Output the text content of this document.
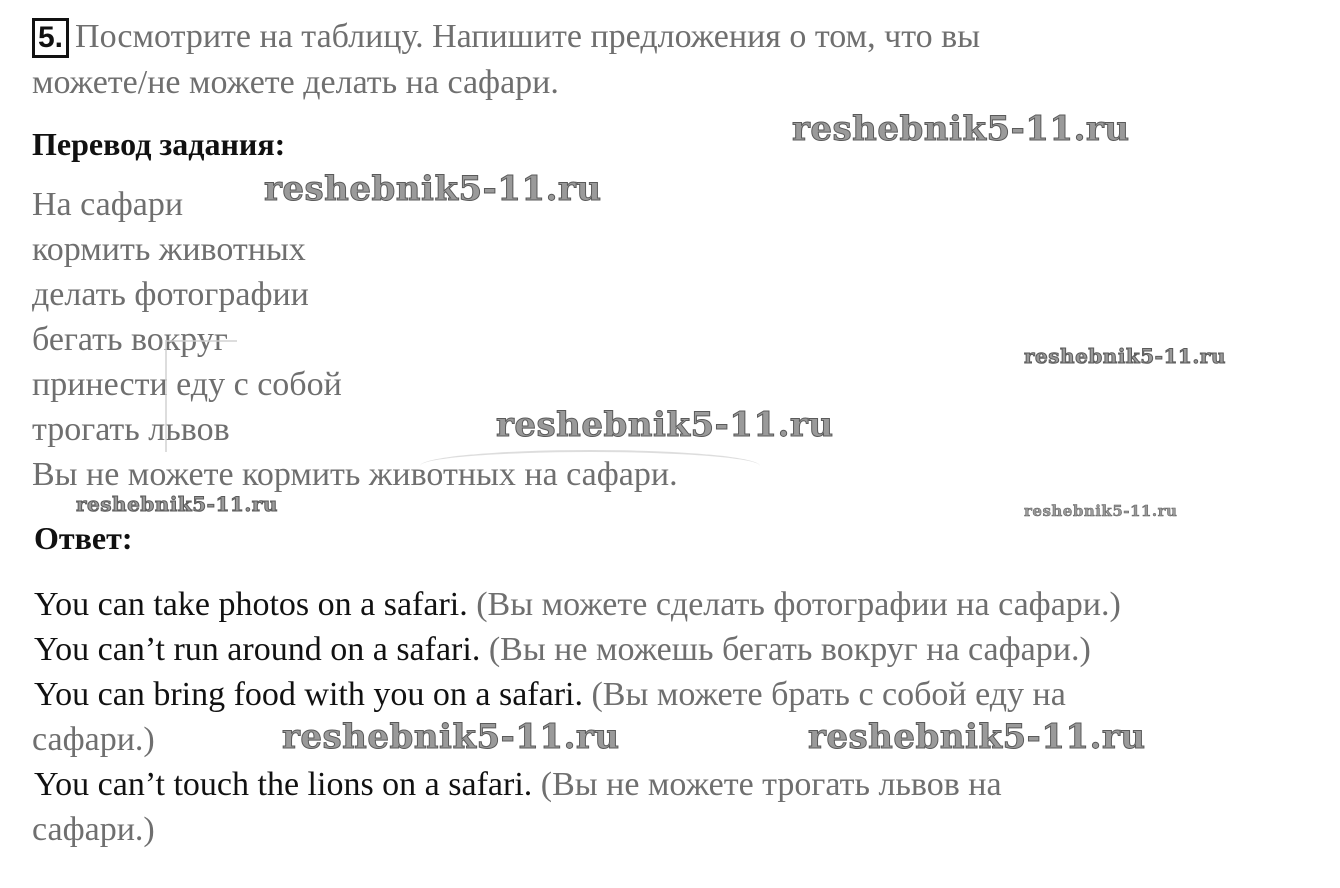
5. Посмотрите на таблицу. Напишите предложения о том, что вы
можете/не можете делать на сафари.
Перевод задания:
На сафари
кормить животных
делать фотографии
бегать вокруг
принести еду с собой
трогать львов
Вы не можете кормить животных на сафари.
Ответ:
You can take photos on a safari. (Вы можете сделать фотографии на сафари.)
You can’t run around on a safari. (Вы не можешь бегать вокруг на сафари.)
You can bring food with you on a safari. (Вы можете брать с собой еду на
сафари.)
You can’t touch the lions on a safari. (Вы не можете трогать львов на
сафари.)
reshebnik5-11.ru
reshebnik5-11.ru
reshebnik5-11.ru
reshebnik5-11.ru
reshebnik5-11.ru	reshebnik5-11.ru
reshebnik5-11.ru	reshebnik5-11.ru
